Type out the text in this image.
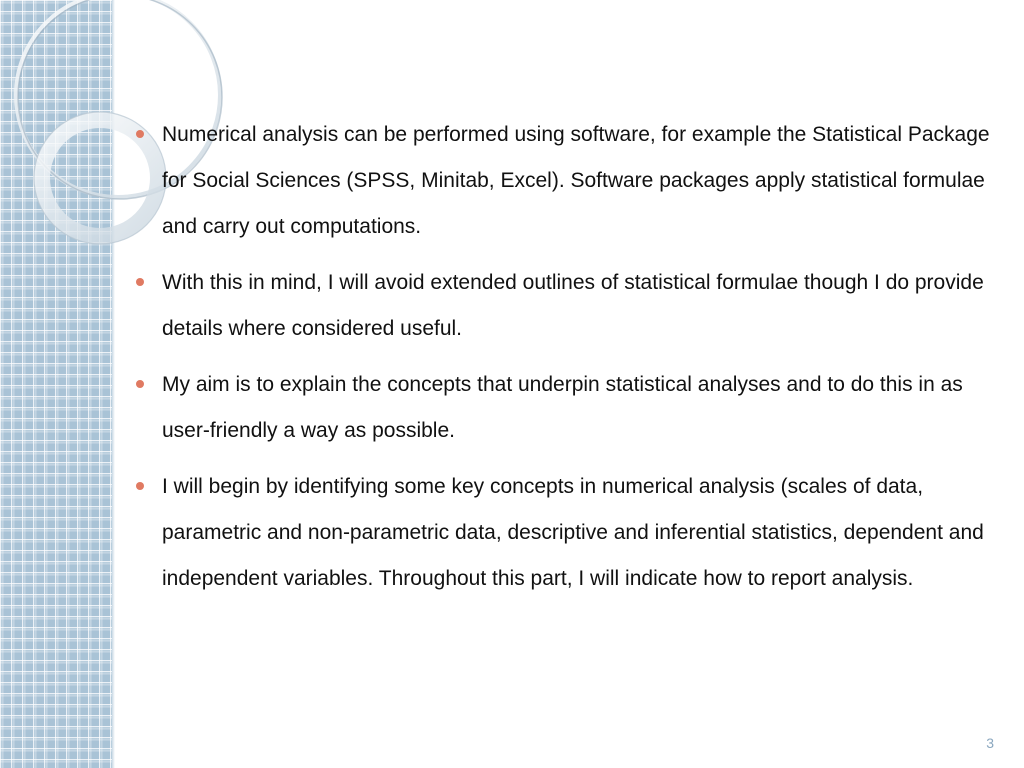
Numerical analysis can be performed using software, for example the Statistical Package for Social Sciences (SPSS, Minitab, Excel). Software packages apply statistical formulae and carry out computations.
With this in mind, I will avoid extended outlines of statistical formulae though I do provide details where considered useful.
My aim is to explain the concepts that underpin statistical analyses and to do this in as user-friendly a way as possible.
I will begin by identifying some key concepts in numerical analysis (scales of data, parametric and non-parametric data, descriptive and inferential statistics, dependent and independent variables. Throughout this part, I will indicate how to report analysis.
3
